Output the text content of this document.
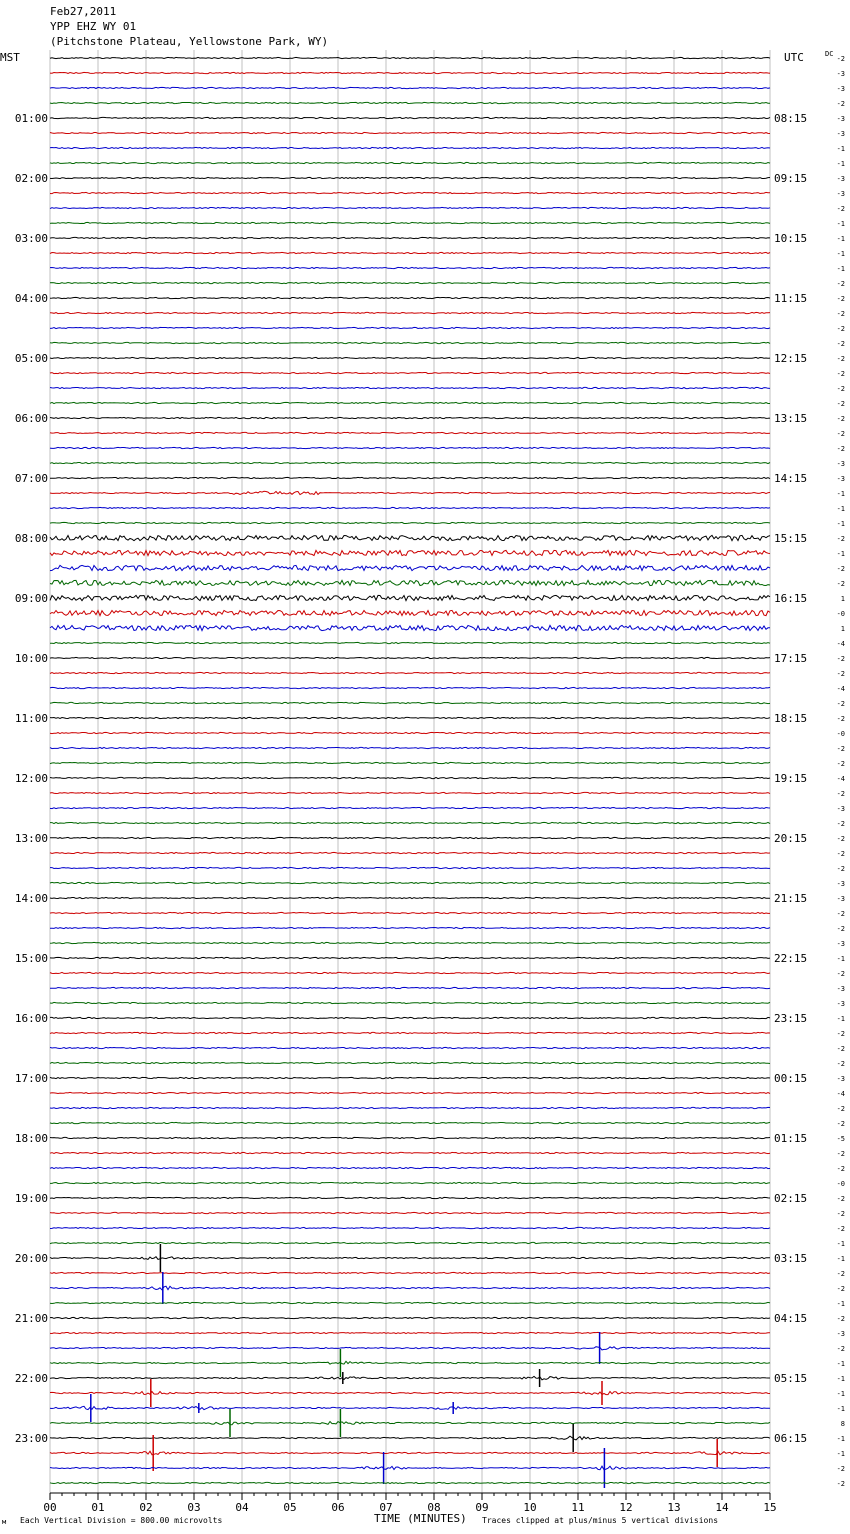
Feb27,2011
YPP EHZ WY 01
(Pitchstone Plateau, Yellowstone Park, WY)
-2
-3
-3
-2
-3
-3
-1
-1
-3
-3
-2
-1
-1
-1
-1
-2
-2
-2
-2
-2
-2
-2
-2
-2
-2
-2
-2
-3
-3
-1
-1
-1
-2
-1
-2
-2
1
-0
1
-4
-2
-2
-4
-2
-2
-0
-2
-2
-4
-2
-3
-2
-2
-2
-2
-3
-3
-2
-2
-3
-1
-2
-3
-3
-1
-2
-2
-2
-3
-4
-2
-2
-5
-2
-2
-0
-2
-2
-2
-1
-1
-2
-2
-1
-2
-3
-2
-1
-1
-1
-1
8
-1
-1
-2
-2
01:00
02:00
03:00
04:00
05:00
06:00
07:00
08:00
09:00
10:00
11:00
12:00
13:00
14:00
15:00
16:00
17:00
18:00
19:00
20:00
21:00
22:00
23:00
08:15
09:15
10:15
11:15
12:15
13:15
14:15
15:15
16:15
17:15
18:15
19:15
20:15
21:15
22:15
23:15
00:15
01:15
02:15
03:15
04:15
05:15
06:15
00	01	02	03	04	05	06	07	08	09	10	11	12	13	14	15
MST	UTC	DC
м Each Vertical Division = 800.00 microvolts	TIME (MINUTES) Traces clipped at plus/minus 5 vertical divisions
